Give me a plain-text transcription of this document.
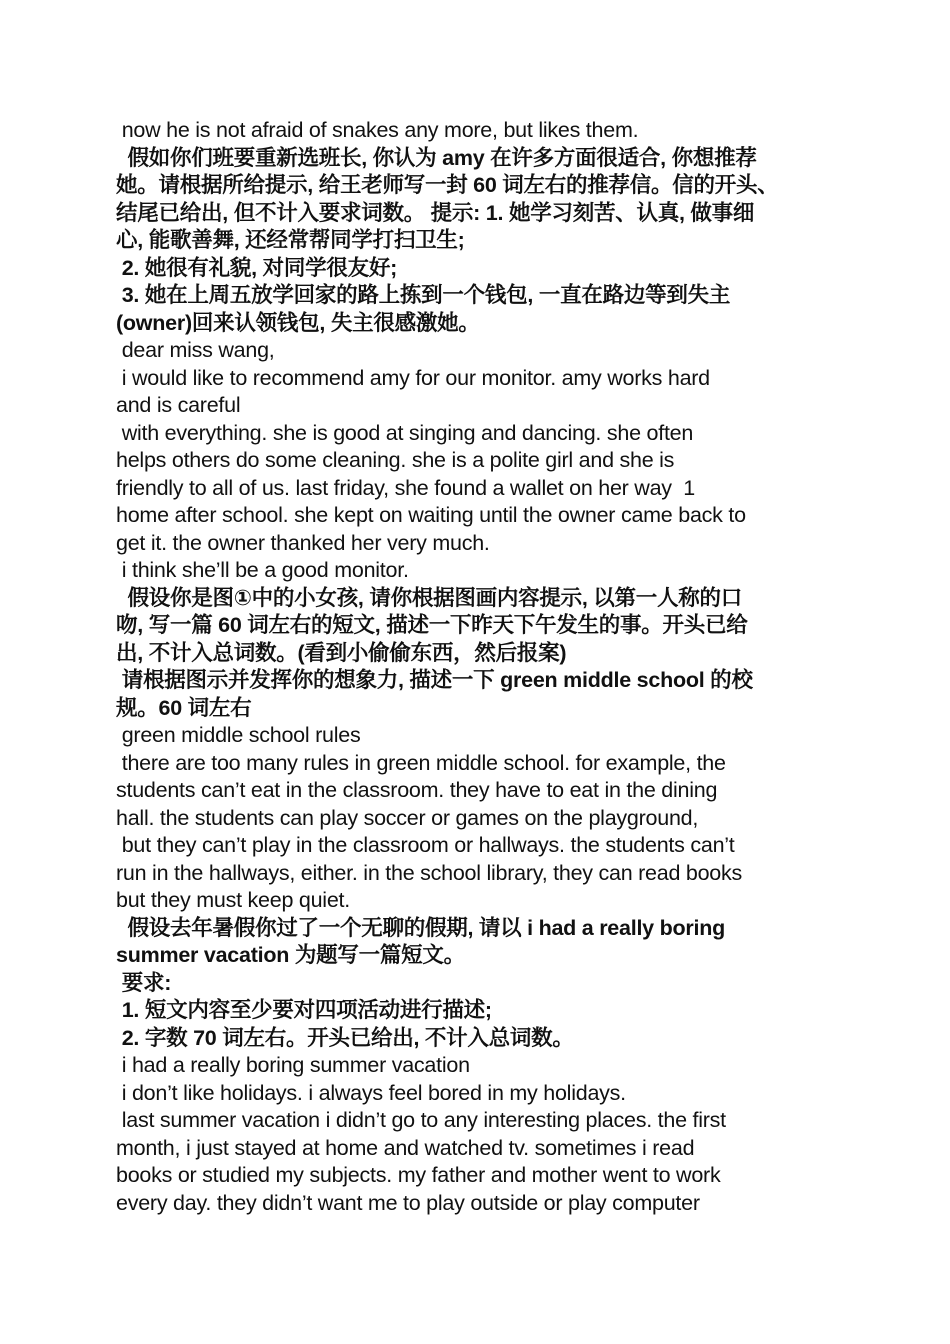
now he is not afraid of snakes any more, but likes them.
假如你们班要重新选班长, 你认为 amy 在许多方面很适合, 你想推荐
她。请根据所给提示, 给王老师写一封 60 词左右的推荐信。信的开头、
结尾已给出, 但不计入要求词数。 提示: 1. 她学习刻苦、认真, 做事细
心, 能歌善舞, 还经常帮同学打扫卫生;
2. 她很有礼貌, 对同学很友好;
3. 她在上周五放学回家的路上拣到一个钱包, 一直在路边等到失主
(owner)回来认领钱包, 失主很感激她。
dear miss wang,
i would like to recommend amy for our monitor. amy works hard
and is careful
with everything. she is good at singing and dancing. she often
helps others do some cleaning. she is a polite girl and she is
friendly to all of us. last friday, she found a wallet on her way  1
home after school. she kept on waiting until the owner came back to
get it. the owner thanked her very much.
i think she’ll be a good monitor.
假设你是图①中的小女孩, 请你根据图画内容提示, 以第一人称的口
吻, 写一篇 60 词左右的短文, 描述一下昨天下午发生的事。开头已给
出, 不计入总词数。(看到小偷偷东西，然后报案)
请根据图示并发挥你的想象力, 描述一下 green middle school 的校
规。60 词左右
green middle school rules
there are too many rules in green middle school. for example, the
students can’t eat in the classroom. they have to eat in the dining
hall. the students can play soccer or games on the playground,
but they can’t play in the classroom or hallways. the students can’t
run in the hallways, either. in the school library, they can read books
but they must keep quiet.
假设去年暑假你过了一个无聊的假期, 请以 i had a really boring
summer vacation 为题写一篇短文。
要求:
1. 短文内容至少要对四项活动进行描述;
2. 字数 70 词左右。开头已给出, 不计入总词数。
i had a really boring summer vacation
i don’t like holidays. i always feel bored in my holidays.
last summer vacation i didn’t go to any interesting places. the first
month, i just stayed at home and watched tv. sometimes i read
books or studied my subjects. my father and mother went to work
every day. they didn’t want me to play outside or play computer
